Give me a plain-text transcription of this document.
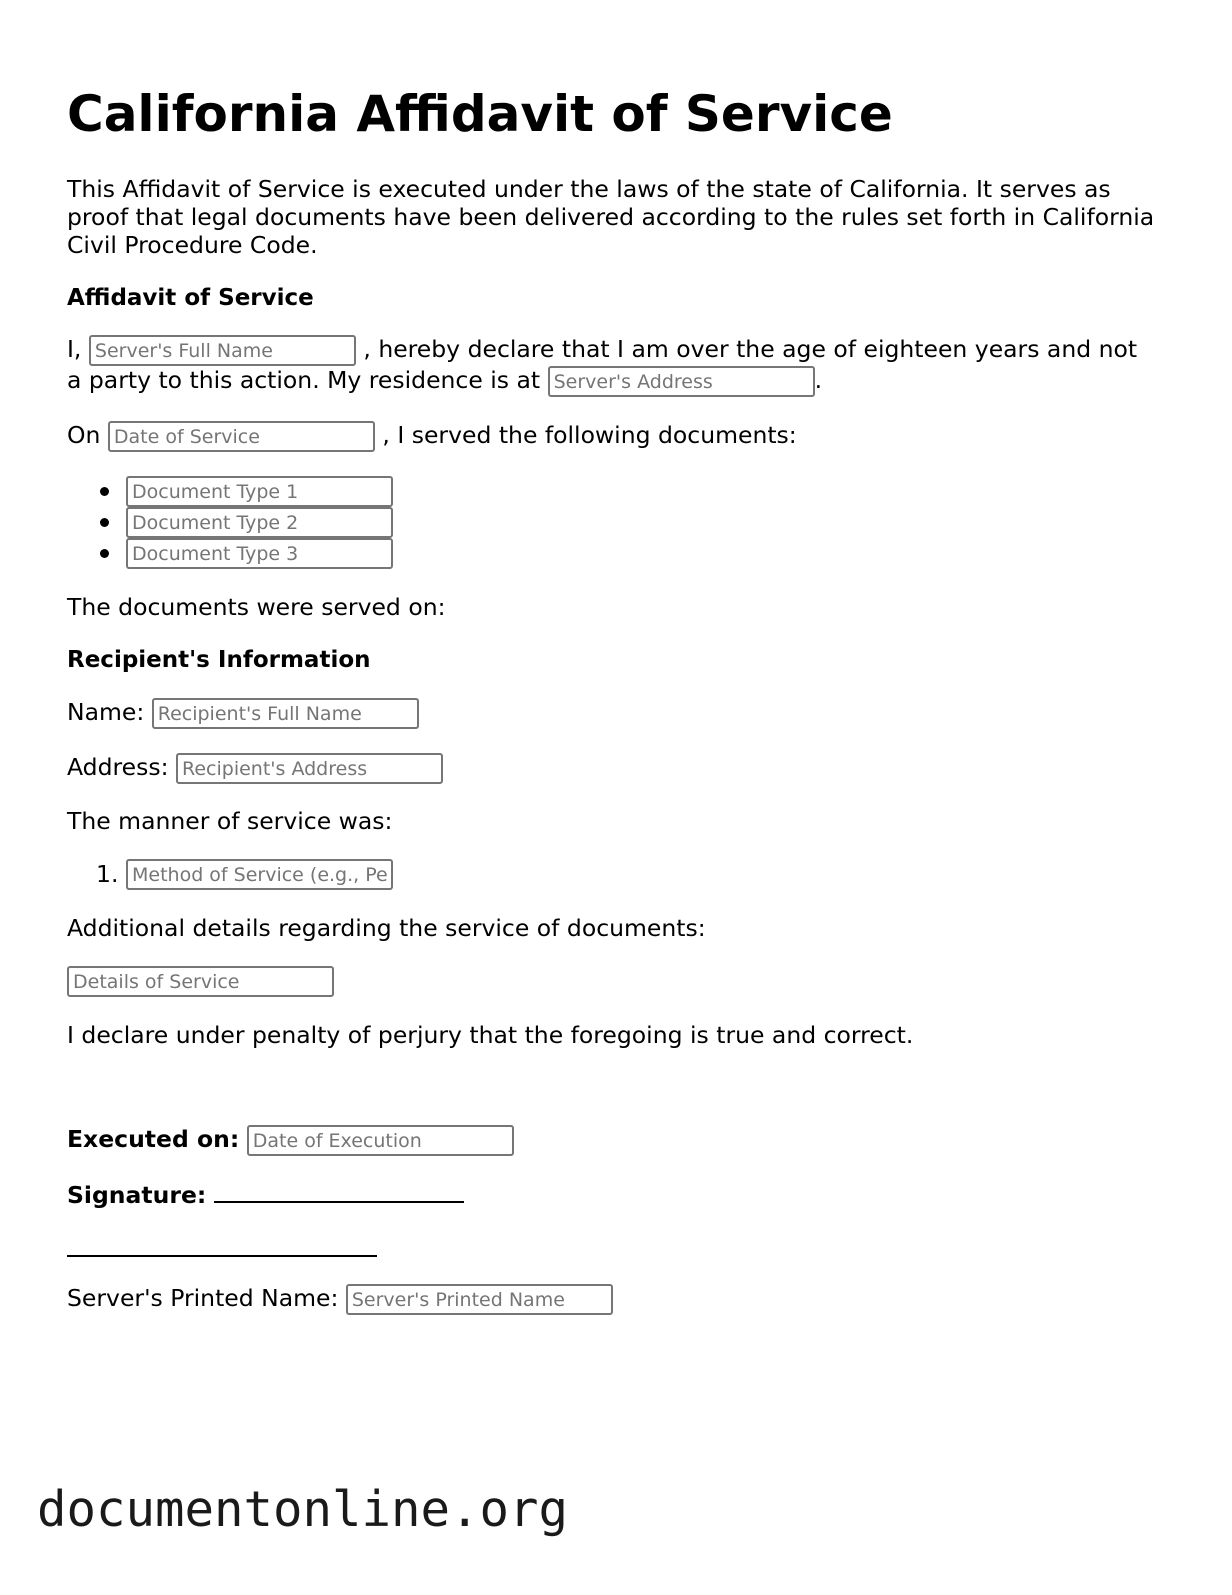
California Affidavit of Service

This Affidavit of Service is executed under the laws of the state of California. It serves as proof that legal documents have been delivered according to the rules set forth in California Civil Procedure Code.

Affidavit of Service
I, Server's Full Name	, hereby declare that I am over the age of eighteen years and not
a party to this action. My residence is at Server's Address	.
On Date of Service	, I served the following documents:
Document Type 1
Document Type 2
Document Type 3
The documents were served on:
Recipient's Information
Name: Recipient's Full Name
Address: Recipient's Address
The manner of service was:
1.
Method of Service (e.g., Personal, Mail)
Additional details regarding the service of documents:
Details of Service
I declare under penalty of perjury that the foregoing is true and correct.
Executed on: Date of Execution
Signature:
Server's Printed Name: Server's Printed Name
documentonline.org
